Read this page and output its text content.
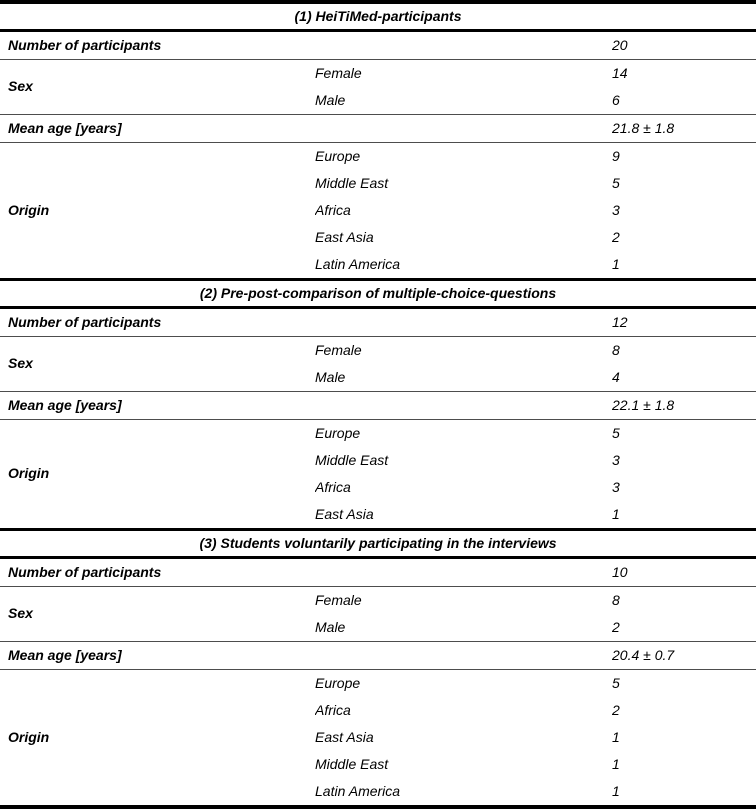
(1) HeiTiMed-participants		
Number of participants		20
Sex	Female	14
	Male	6
Mean age [years]		21.8 ± 1.8
Origin	Europe	9
	Middle East	5
	Africa	3
	East Asia	2
	Latin America	1
(2) Pre-post-comparison of multiple-choice-questions		
Number of participants		12
Sex	Female	8
	Male	4
Mean age [years]		22.1 ± 1.8
Origin	Europe	5
	Middle East	3
	Africa	3
	East Asia	1
(3) Students voluntarily participating in the interviews		
Number of participants		10
Sex	Female	8
	Male	2
Mean age [years]		20.4 ± 0.7
Origin	Europe	5
	Africa	2
	East Asia	1
	Middle East	1
	Latin America	1
